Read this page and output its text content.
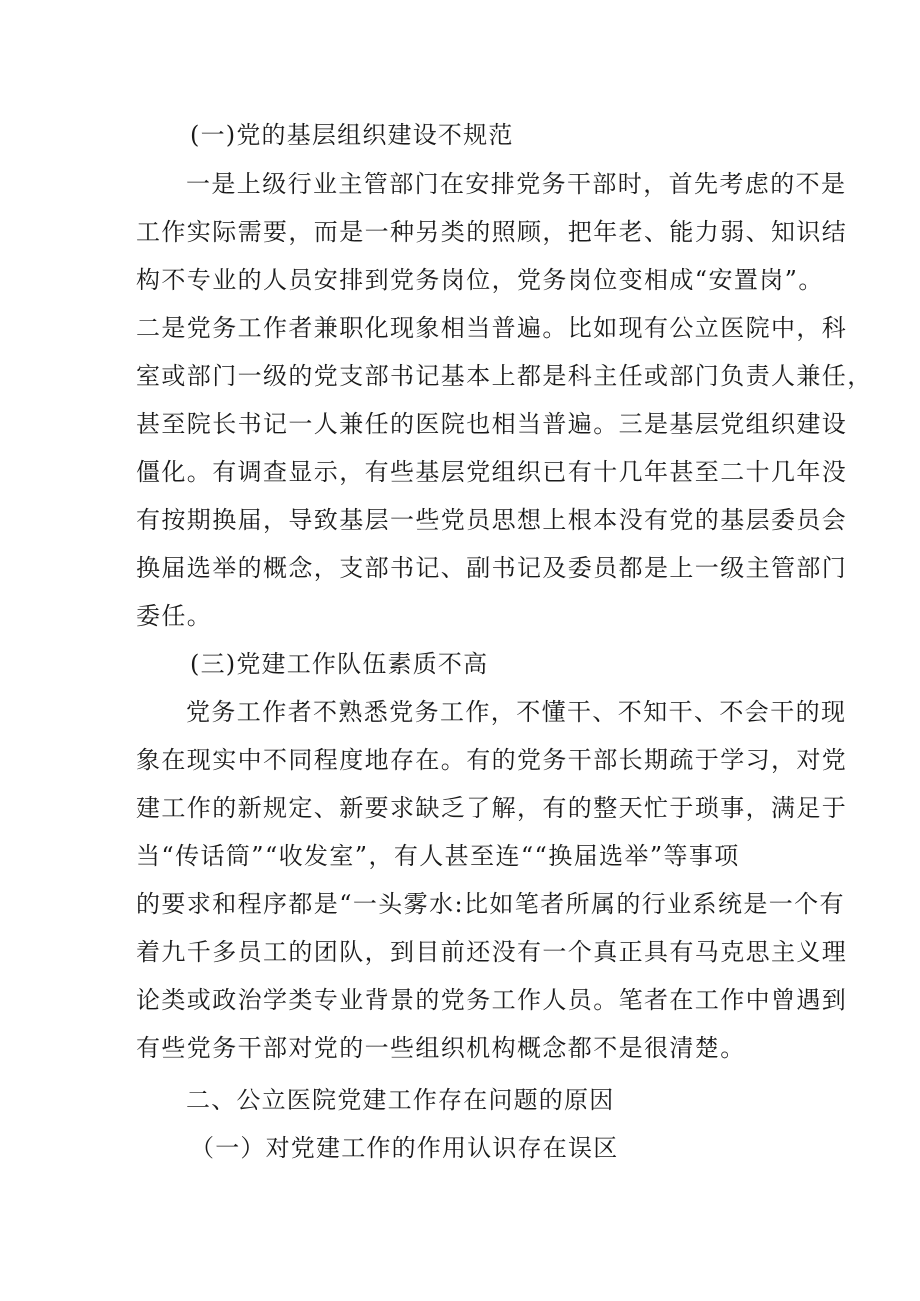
(一)党的基层组织建设不规范
一是上级行业主管部门在安排党务干部时，首先考虑的不是
工作实际需要，而是一种另类的照顾，把年老、能力弱、知识结
构不专业的人员安排到党务岗位，党务岗位变相成“安置岗”。
二是党务工作者兼职化现象相当普遍。比如现有公立医院中，科
室或部门一级的党支部书记基本上都是科主任或部门负责人兼任，
甚至院长书记一人兼任的医院也相当普遍。三是基层党组织建设
僵化。有调查显示，有些基层党组织已有十几年甚至二十几年没
有按期换届，导致基层一些党员思想上根本没有党的基层委员会
换届选举的概念，支部书记、副书记及委员都是上一级主管部门
委任。
(三)党建工作队伍素质不高
党务工作者不熟悉党务工作，不懂干、不知干、不会干的现
象在现实中不同程度地存在。有的党务干部长期疏于学习，对党
建工作的新规定、新要求缺乏了解，有的整天忙于琐事，满足于
当“传话筒”“收发室”，有人甚至连““换届选举”等事项
的要求和程序都是“一头雾水:比如笔者所属的行业系统是一个有
着九千多员工的团队，到目前还没有一个真正具有马克思主义理
论类或政治学类专业背景的党务工作人员。笔者在工作中曾遇到
有些党务干部对党的一些组织机构概念都不是很清楚。
二、公立医院党建工作存在问题的原因
（一）对党建工作的作用认识存在误区
